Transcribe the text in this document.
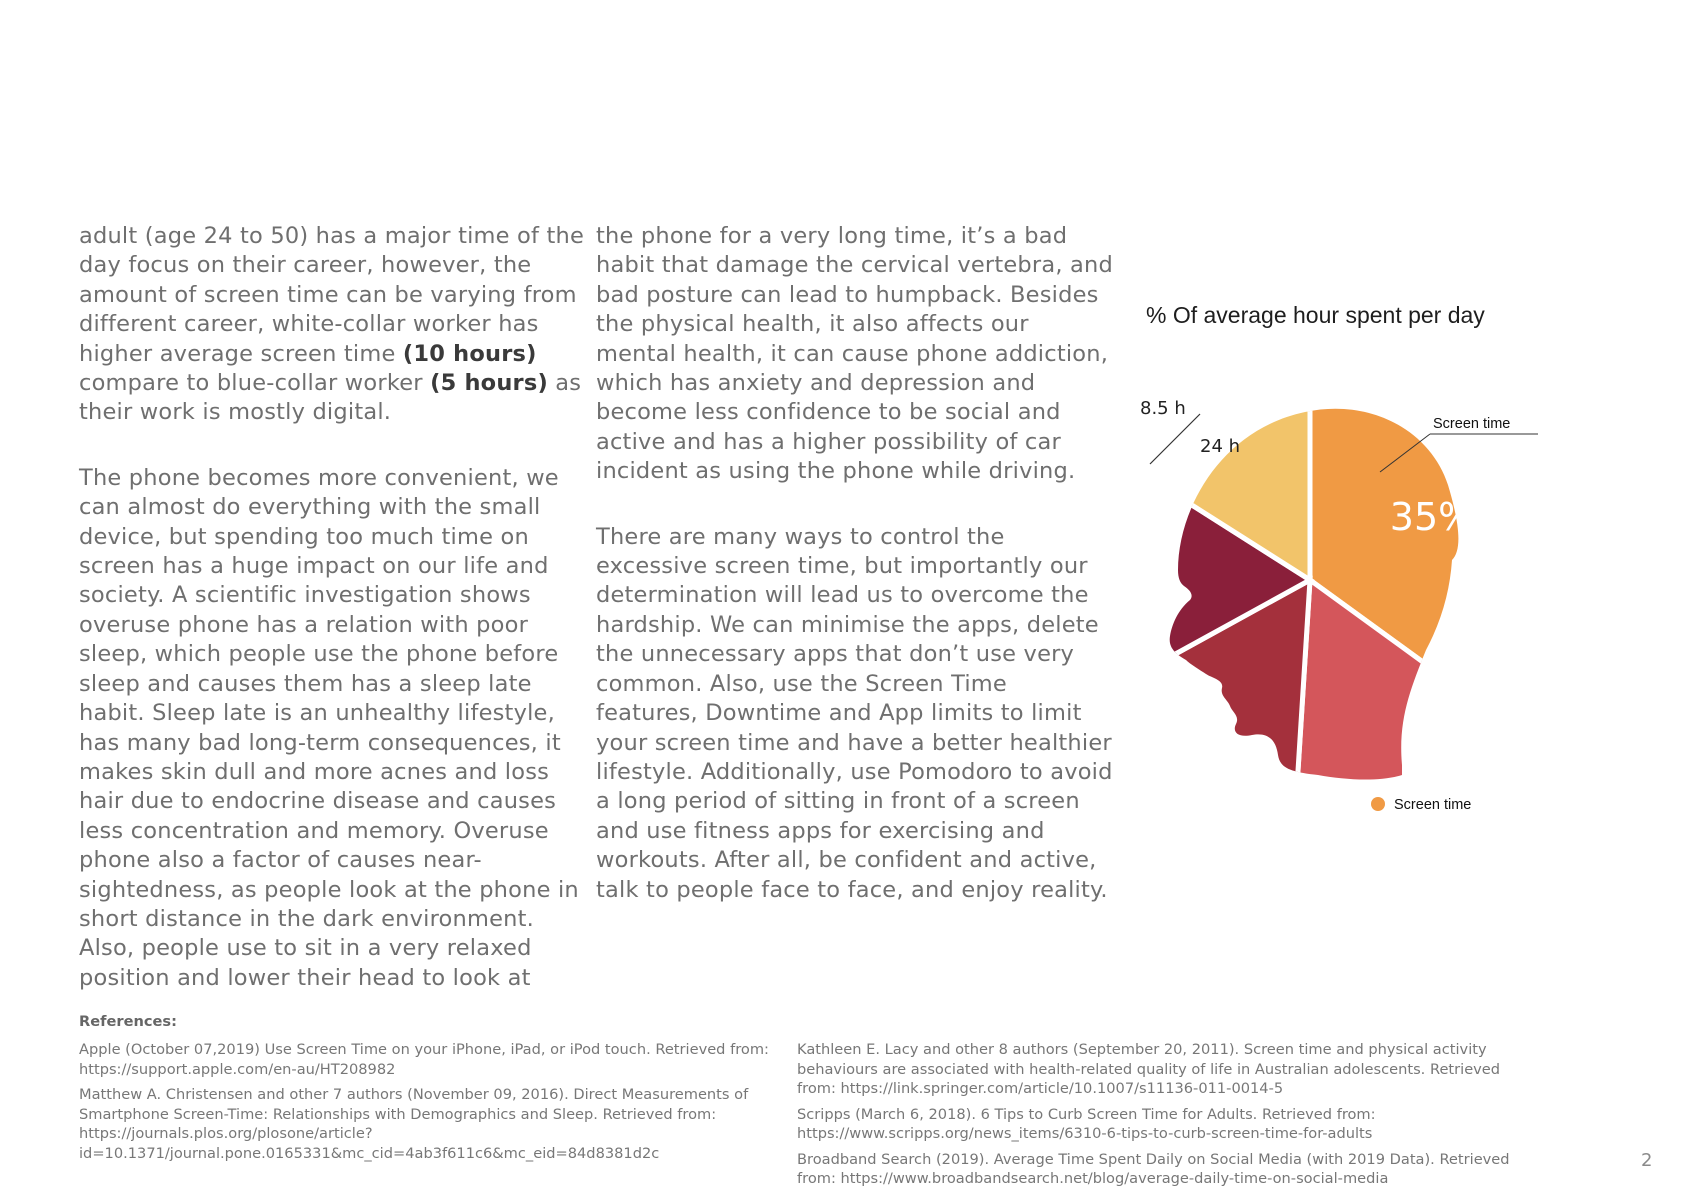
adult (age 24 to 50) has a major time of the day focus on their career, however, the amount of screen time can be varying from different career, white-collar worker has higher average screen time (10 hours) compare to blue-collar worker (5 hours) as their work is mostly digital.

The phone becomes more convenient, we can almost do everything with the small device, but spending too much time on screen has a huge impact on our life and society. A scientific investigation shows overuse phone has a relation with poor sleep, which people use the phone before sleep and causes them has a sleep late habit. Sleep late is an unhealthy lifestyle, has many bad long-term consequences, it makes skin dull and more acnes and loss hair due to endocrine disease and causes less concentration and memory. Overuse phone also a factor of causes near-sightedness, as people look at the phone in short distance in the dark environment. Also, people use to sit in a very relaxed position and lower their head to look at

the phone for a very long time, it’s a bad habit that damage the cervical vertebra, and bad posture can lead to humpback. Besides the physical health, it also affects our mental health, it can cause phone addiction, which has anxiety and depression and become less confidence to be social and active and has a higher possibility of car incident as using the phone while driving.

There are many ways to control the excessive screen time, but importantly our determination will lead us to overcome the hardship. We can minimise the apps, delete the unnecessary apps that don’t use very common. Also, use the Screen Time features, Downtime and App limits to limit your screen time and have a better healthier lifestyle. Additionally, use Pomodoro to avoid a long period of sitting in front of a screen and use fitness apps for exercising and workouts. After all, be confident and active, talk to people face to face, and enjoy reality.

% Of average hour spent per day
8.5 h
24 h
35%
Screen time
Screen time
References:
Apple (October 07,2019) Use Screen Time on your iPhone, iPad, or iPod touch. Retrieved from: https://support.apple.com/en-au/HT208982
Matthew A. Christensen and other 7 authors (November 09, 2016). Direct Measurements of Smartphone Screen-Time: Relationships with Demographics and Sleep. Retrieved from: https://journals.plos.org/plosone/article?id=10.1371/journal.pone.0165331&mc_cid=4ab3f611c6&mc_eid=84d8381d2c
Kathleen E. Lacy and other 8 authors (September 20, 2011). Screen time and physical activity behaviours are associated with health-related quality of life in Australian adolescents. Retrieved from: https://link.springer.com/article/10.1007/s11136-011-0014-5
Scripps (March 6, 2018). 6 Tips to Curb Screen Time for Adults. Retrieved from: https://www.scripps.org/news_items/6310-6-tips-to-curb-screen-time-for-adults
Broadband Search (2019). Average Time Spent Daily on Social Media (with 2019 Data). Retrieved from: https://www.broadbandsearch.net/blog/average-daily-time-on-social-media
2
